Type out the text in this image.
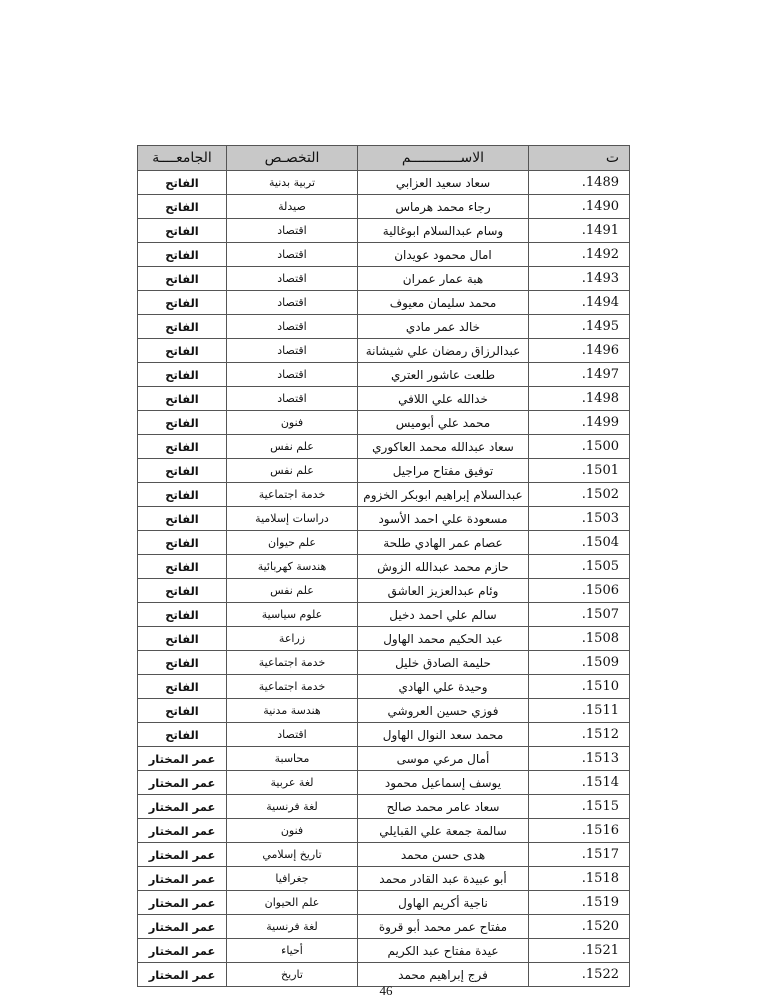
ت	الاســــــــــــم	التخصـص	الجامعــــة
1489.	سعاد سعيد العزابي	تربية بدنية	الفاتح
1490.	رجاء محمد هرماس	صيدلة	الفاتح
1491.	وسام عبدالسلام ابوغالية	اقتصاد	الفاتح
1492.	امال محمود عويدان	اقتصاد	الفاتح
1493.	هبة عمار عمران	اقتصاد	الفاتح
1494.	محمد سليمان معيوف	اقتصاد	الفاتح
1495.	خالد عمر مادي	اقتصاد	الفاتح
1496.	عبدالرزاق رمضان علي شيشانة	اقتصاد	الفاتح
1497.	طلعت عاشور العتري	اقتصاد	الفاتح
1498.	خدالله علي اللافي	اقتصاد	الفاتح
1499.	محمد علي أبوميس	فنون	الفاتح
1500.	سعاد عبدالله محمد العاكوري	علم نفس	الفاتح
1501.	توفيق مفتاح مراجيل	علم نفس	الفاتح
1502.	عبدالسلام إبراهيم ابوبكر الخزوم	خدمة اجتماعية	الفاتح
1503.	مسعودة علي احمد الأسود	دراسات إسلامية	الفاتح
1504.	عصام عمر الهادي طلحة	علم حيوان	الفاتح
1505.	حازم محمد عبدالله الزوش	هندسة كهربائية	الفاتح
1506.	وئام عبدالعزيز العاشق	علم نفس	الفاتح
1507.	سالم علي احمد دخيل	علوم سياسية	الفاتح
1508.	عبد الحكيم محمد الهاول	زراعة	الفاتح
1509.	حليمة الصادق خليل	خدمة اجتماعية	الفاتح
1510.	وحيدة علي الهادي	خدمة اجتماعية	الفاتح
1511.	فوزي حسين العروشي	هندسة مدنية	الفاتح
1512.	محمد سعد النوال الهاول	اقتصاد	الفاتح
1513.	أمال مرعي موسى	محاسبة	عمر المختار
1514.	يوسف إسماعيل محمود	لغة عربية	عمر المختار
1515.	سعاد عامر محمد صالح	لغة فرنسية	عمر المختار
1516.	سالمة جمعة علي القبايلي	فنون	عمر المختار
1517.	هدى حسن محمد	تاريخ إسلامي	عمر المختار
1518.	أبو عبيدة عبد القادر محمد	جغرافيا	عمر المختار
1519.	ناجية أكريم الهاول	علم الحيوان	عمر المختار
1520.	مفتاح عمر محمد أبو قروة	لغة فرنسية	عمر المختار
1521.	عيدة مفتاح عبد الكريم	أحياء	عمر المختار
1522.	فرج إبراهيم محمد	تاريخ	عمر المختار
46
